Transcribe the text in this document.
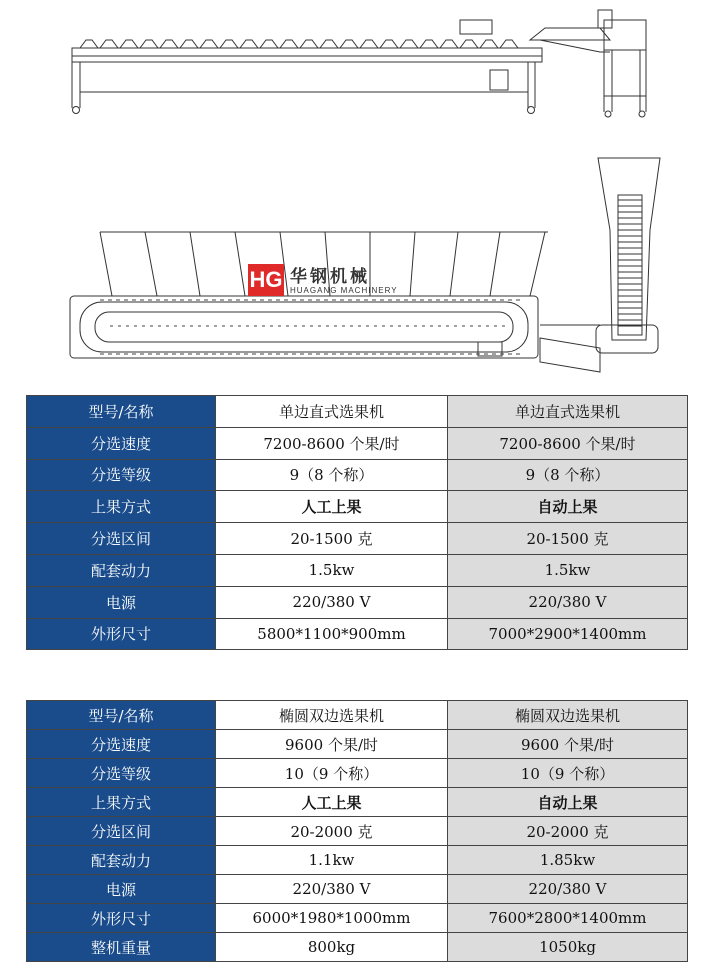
HG 华钢机械
HUAGANG MACHINERY
型号/名称	单边直式选果机	单边直式选果机
分选速度	7200-8600 个果/时	7200-8600 个果/时
分选等级	9（8 个称）	9（8 个称）
上果方式	人工上果	自动上果
分选区间	20-1500 克	20-1500 克
配套动力	1.5kw	1.5kw
电源	220/380 V	220/380 V
外形尺寸	5800*1100*900mm	7000*2900*1400mm
型号/名称	椭圆双边选果机	椭圆双边选果机
分选速度	9600 个果/时	9600 个果/时
分选等级	10（9 个称）	10（9 个称）
上果方式	人工上果	自动上果
分选区间	20-2000 克	20-2000 克
配套动力	1.1kw	1.85kw
电源	220/380 V	220/380 V
外形尺寸	6000*1980*1000mm	7600*2800*1400mm
整机重量	800kg	1050kg
